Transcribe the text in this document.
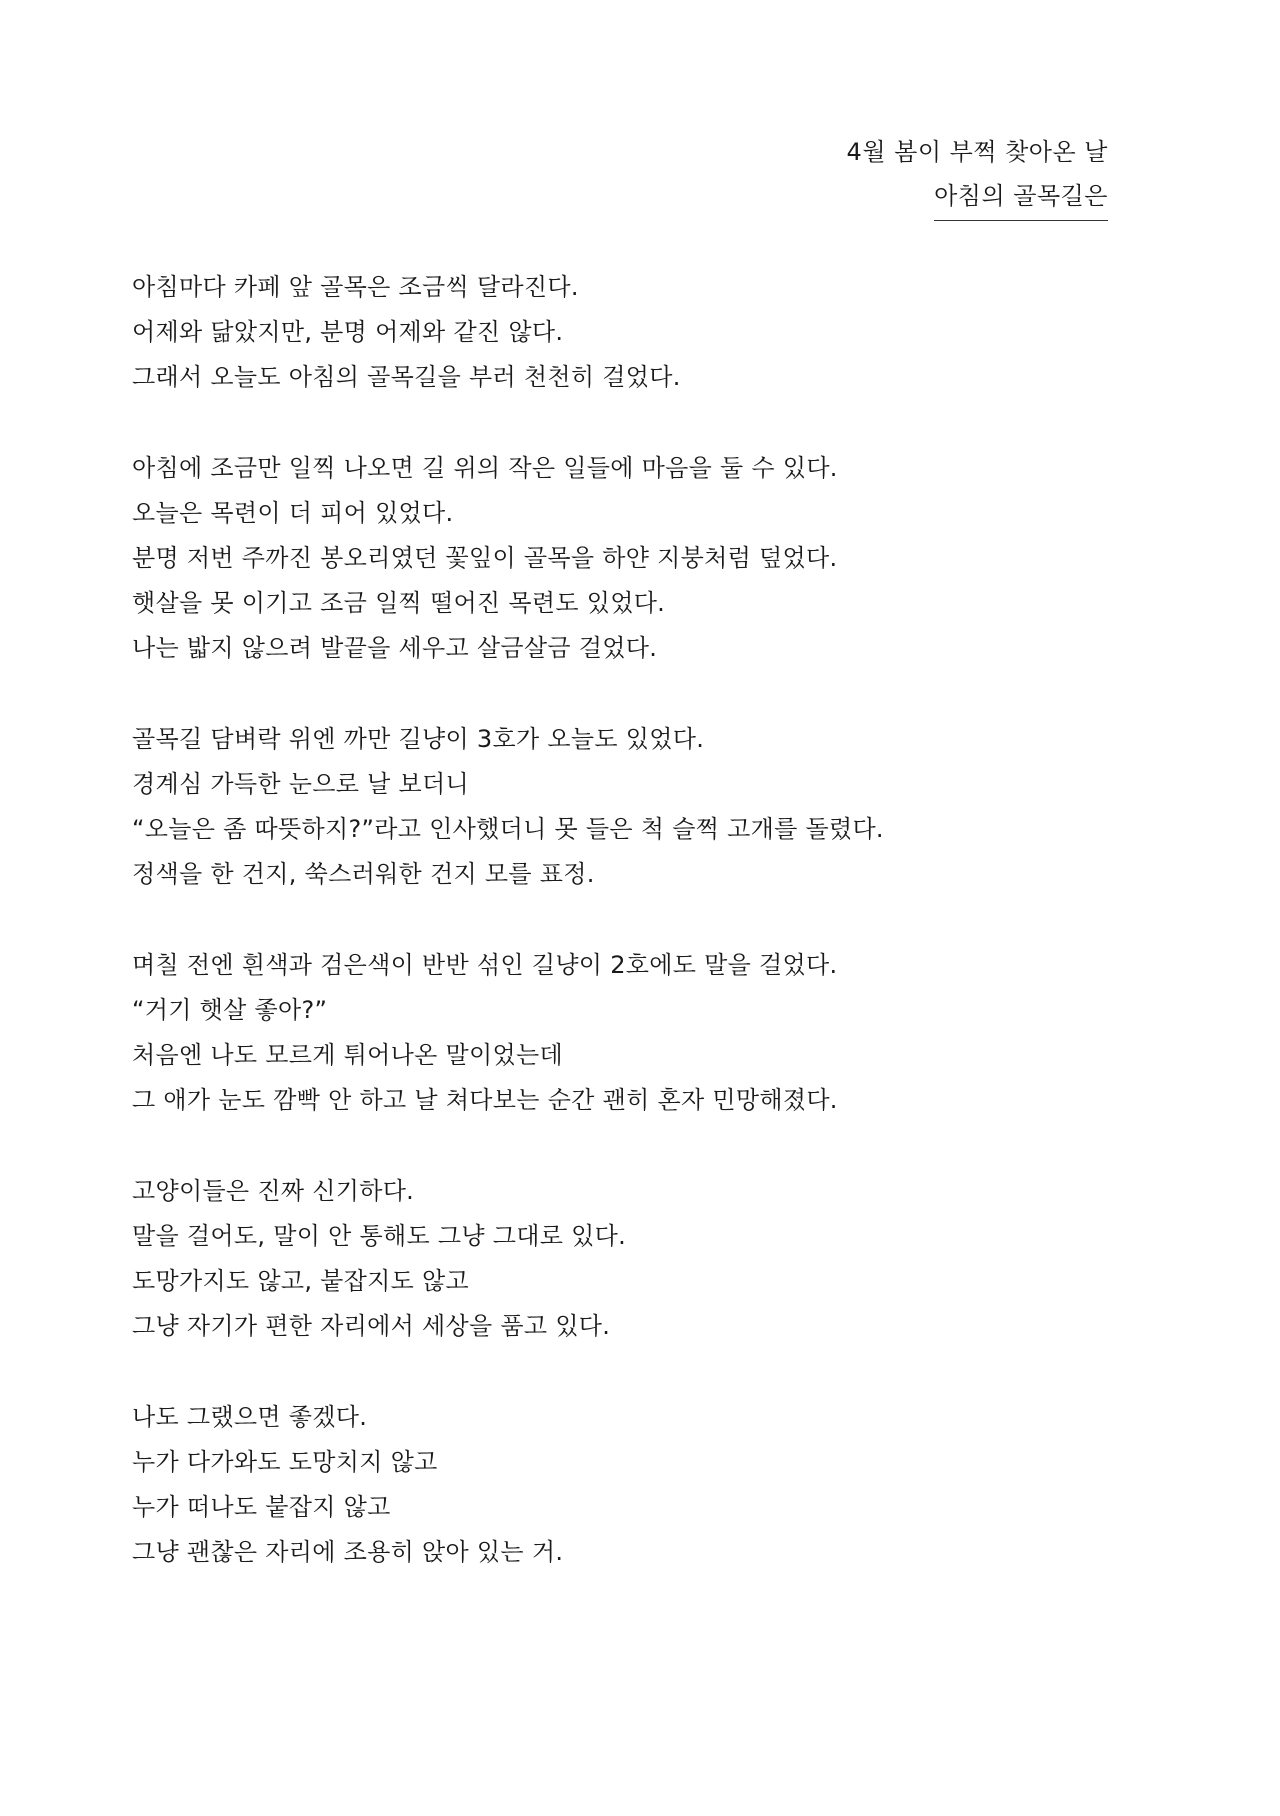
4월 봄이 부쩍 찾아온 날
아침의 골목길은
아침마다 카페 앞 골목은 조금씩 달라진다.
어제와 닮았지만, 분명 어제와 같진 않다.
그래서 오늘도 아침의 골목길을 부러 천천히 걸었다.
아침에 조금만 일찍 나오면 길 위의 작은 일들에 마음을 둘 수 있다.
오늘은 목련이 더 피어 있었다.
분명 저번 주까진 봉오리였던 꽃잎이 골목을 하얀 지붕처럼 덮었다.
햇살을 못 이기고 조금 일찍 떨어진 목련도 있었다.
나는 밟지 않으려 발끝을 세우고 살금살금 걸었다.
골목길 담벼락 위엔 까만 길냥이 3호가 오늘도 있었다.
경계심 가득한 눈으로 날 보더니
“오늘은 좀 따뜻하지?”라고 인사했더니 못 들은 척 슬쩍 고개를 돌렸다.
정색을 한 건지, 쑥스러워한 건지 모를 표정.
며칠 전엔 흰색과 검은색이 반반 섞인 길냥이 2호에도 말을 걸었다.
“거기 햇살 좋아?”
처음엔 나도 모르게 튀어나온 말이었는데
그 애가 눈도 깜빡 안 하고 날 쳐다보는 순간 괜히 혼자 민망해졌다.
고양이들은 진짜 신기하다.
말을 걸어도, 말이 안 통해도 그냥 그대로 있다.
도망가지도 않고, 붙잡지도 않고
그냥 자기가 편한 자리에서 세상을 품고 있다.
나도 그랬으면 좋겠다.
누가 다가와도 도망치지 않고
누가 떠나도 붙잡지 않고
그냥 괜찮은 자리에 조용히 앉아 있는 거.
